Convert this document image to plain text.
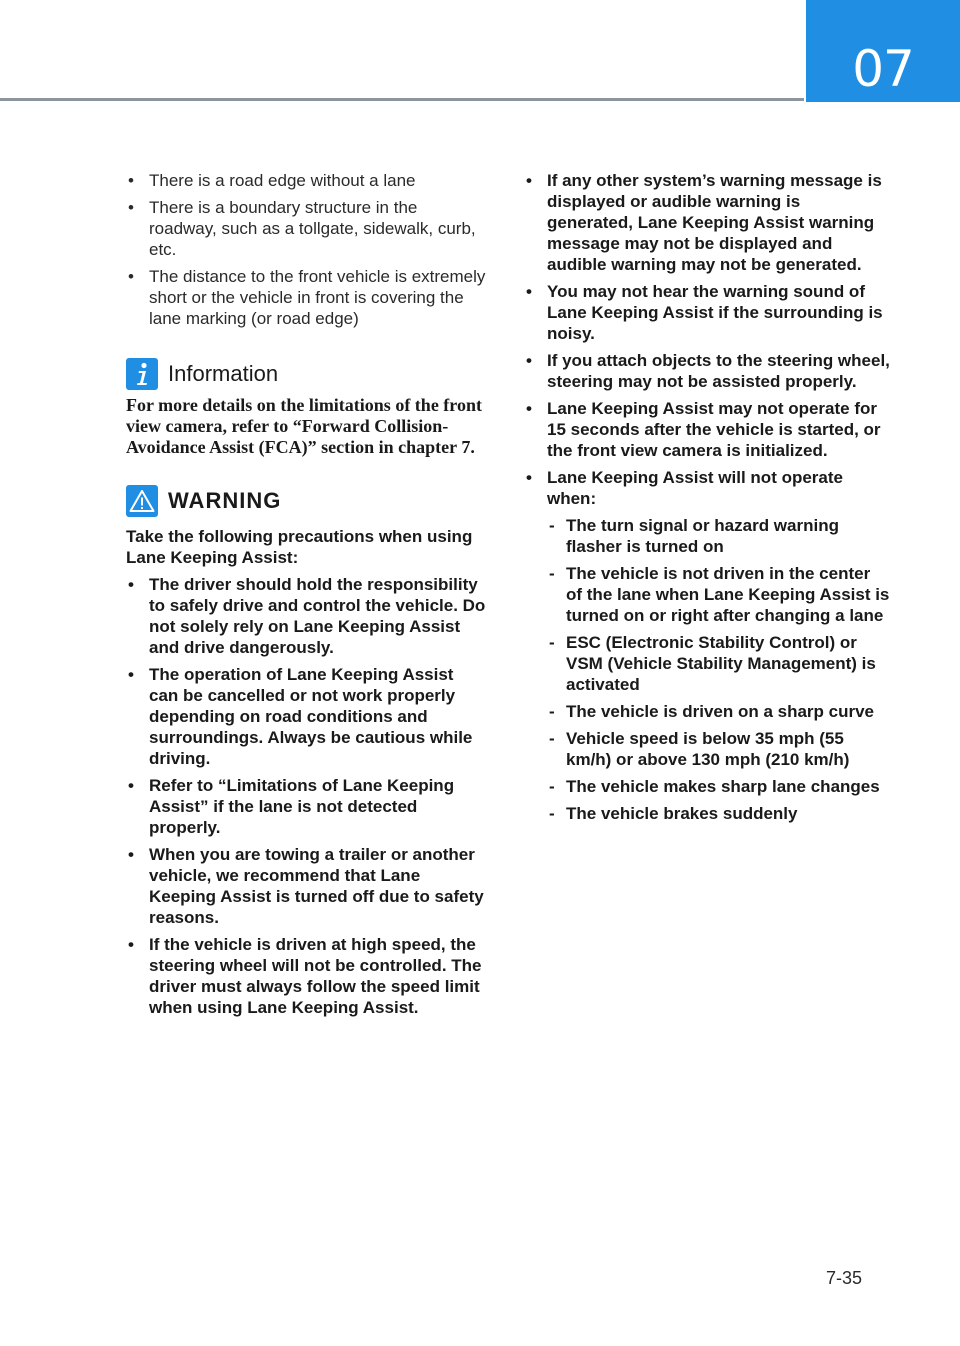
07
• There is a road edge without a lane
• There is a boundary structure in the roadway, such as a tollgate, sidewalk, curb, etc.
• The distance to the front vehicle is extremely short or the vehicle in front is covering the lane marking (or road edge)
Information
For more details on the limitations of the front view camera, refer to “Forward Collision-Avoidance Assist (FCA)” section in chapter 7.
WARNING
Take the following precautions when using Lane Keeping Assist:
• The driver should hold the responsibility to safely drive and control the vehicle. Do not solely rely on Lane Keeping Assist and drive dangerously.
• The operation of Lane Keeping Assist can be cancelled or not work properly depending on road conditions and surroundings. Always be cautious while driving.
• Refer to “Limitations of Lane Keeping Assist” if the lane is not detected properly.
• When you are towing a trailer or another vehicle, we recommend that Lane Keeping Assist is turned off due to safety reasons.
• If the vehicle is driven at high speed, the steering wheel will not be controlled. The driver must always follow the speed limit when using Lane Keeping Assist.
• If any other system’s warning message is displayed or audible warning is generated, Lane Keeping Assist warning message may not be displayed and audible warning may not be generated.
• You may not hear the warning sound of Lane Keeping Assist if the surrounding is noisy.
• If you attach objects to the steering wheel, steering may not be assisted properly.
• Lane Keeping Assist may not operate for 15 seconds after the vehicle is started, or the front view camera is initialized.
• Lane Keeping Assist will not operate when:
- The turn signal or hazard warning flasher is turned on
- The vehicle is not driven in the center of the lane when Lane Keeping Assist is turned on or right after changing a lane
- ESC (Electronic Stability Control) or VSM (Vehicle Stability Management) is activated
- The vehicle is driven on a sharp curve
- Vehicle speed is below 35 mph (55 km/h) or above 130 mph (210 km/h)
- The vehicle makes sharp lane changes
- The vehicle brakes suddenly
7-35
